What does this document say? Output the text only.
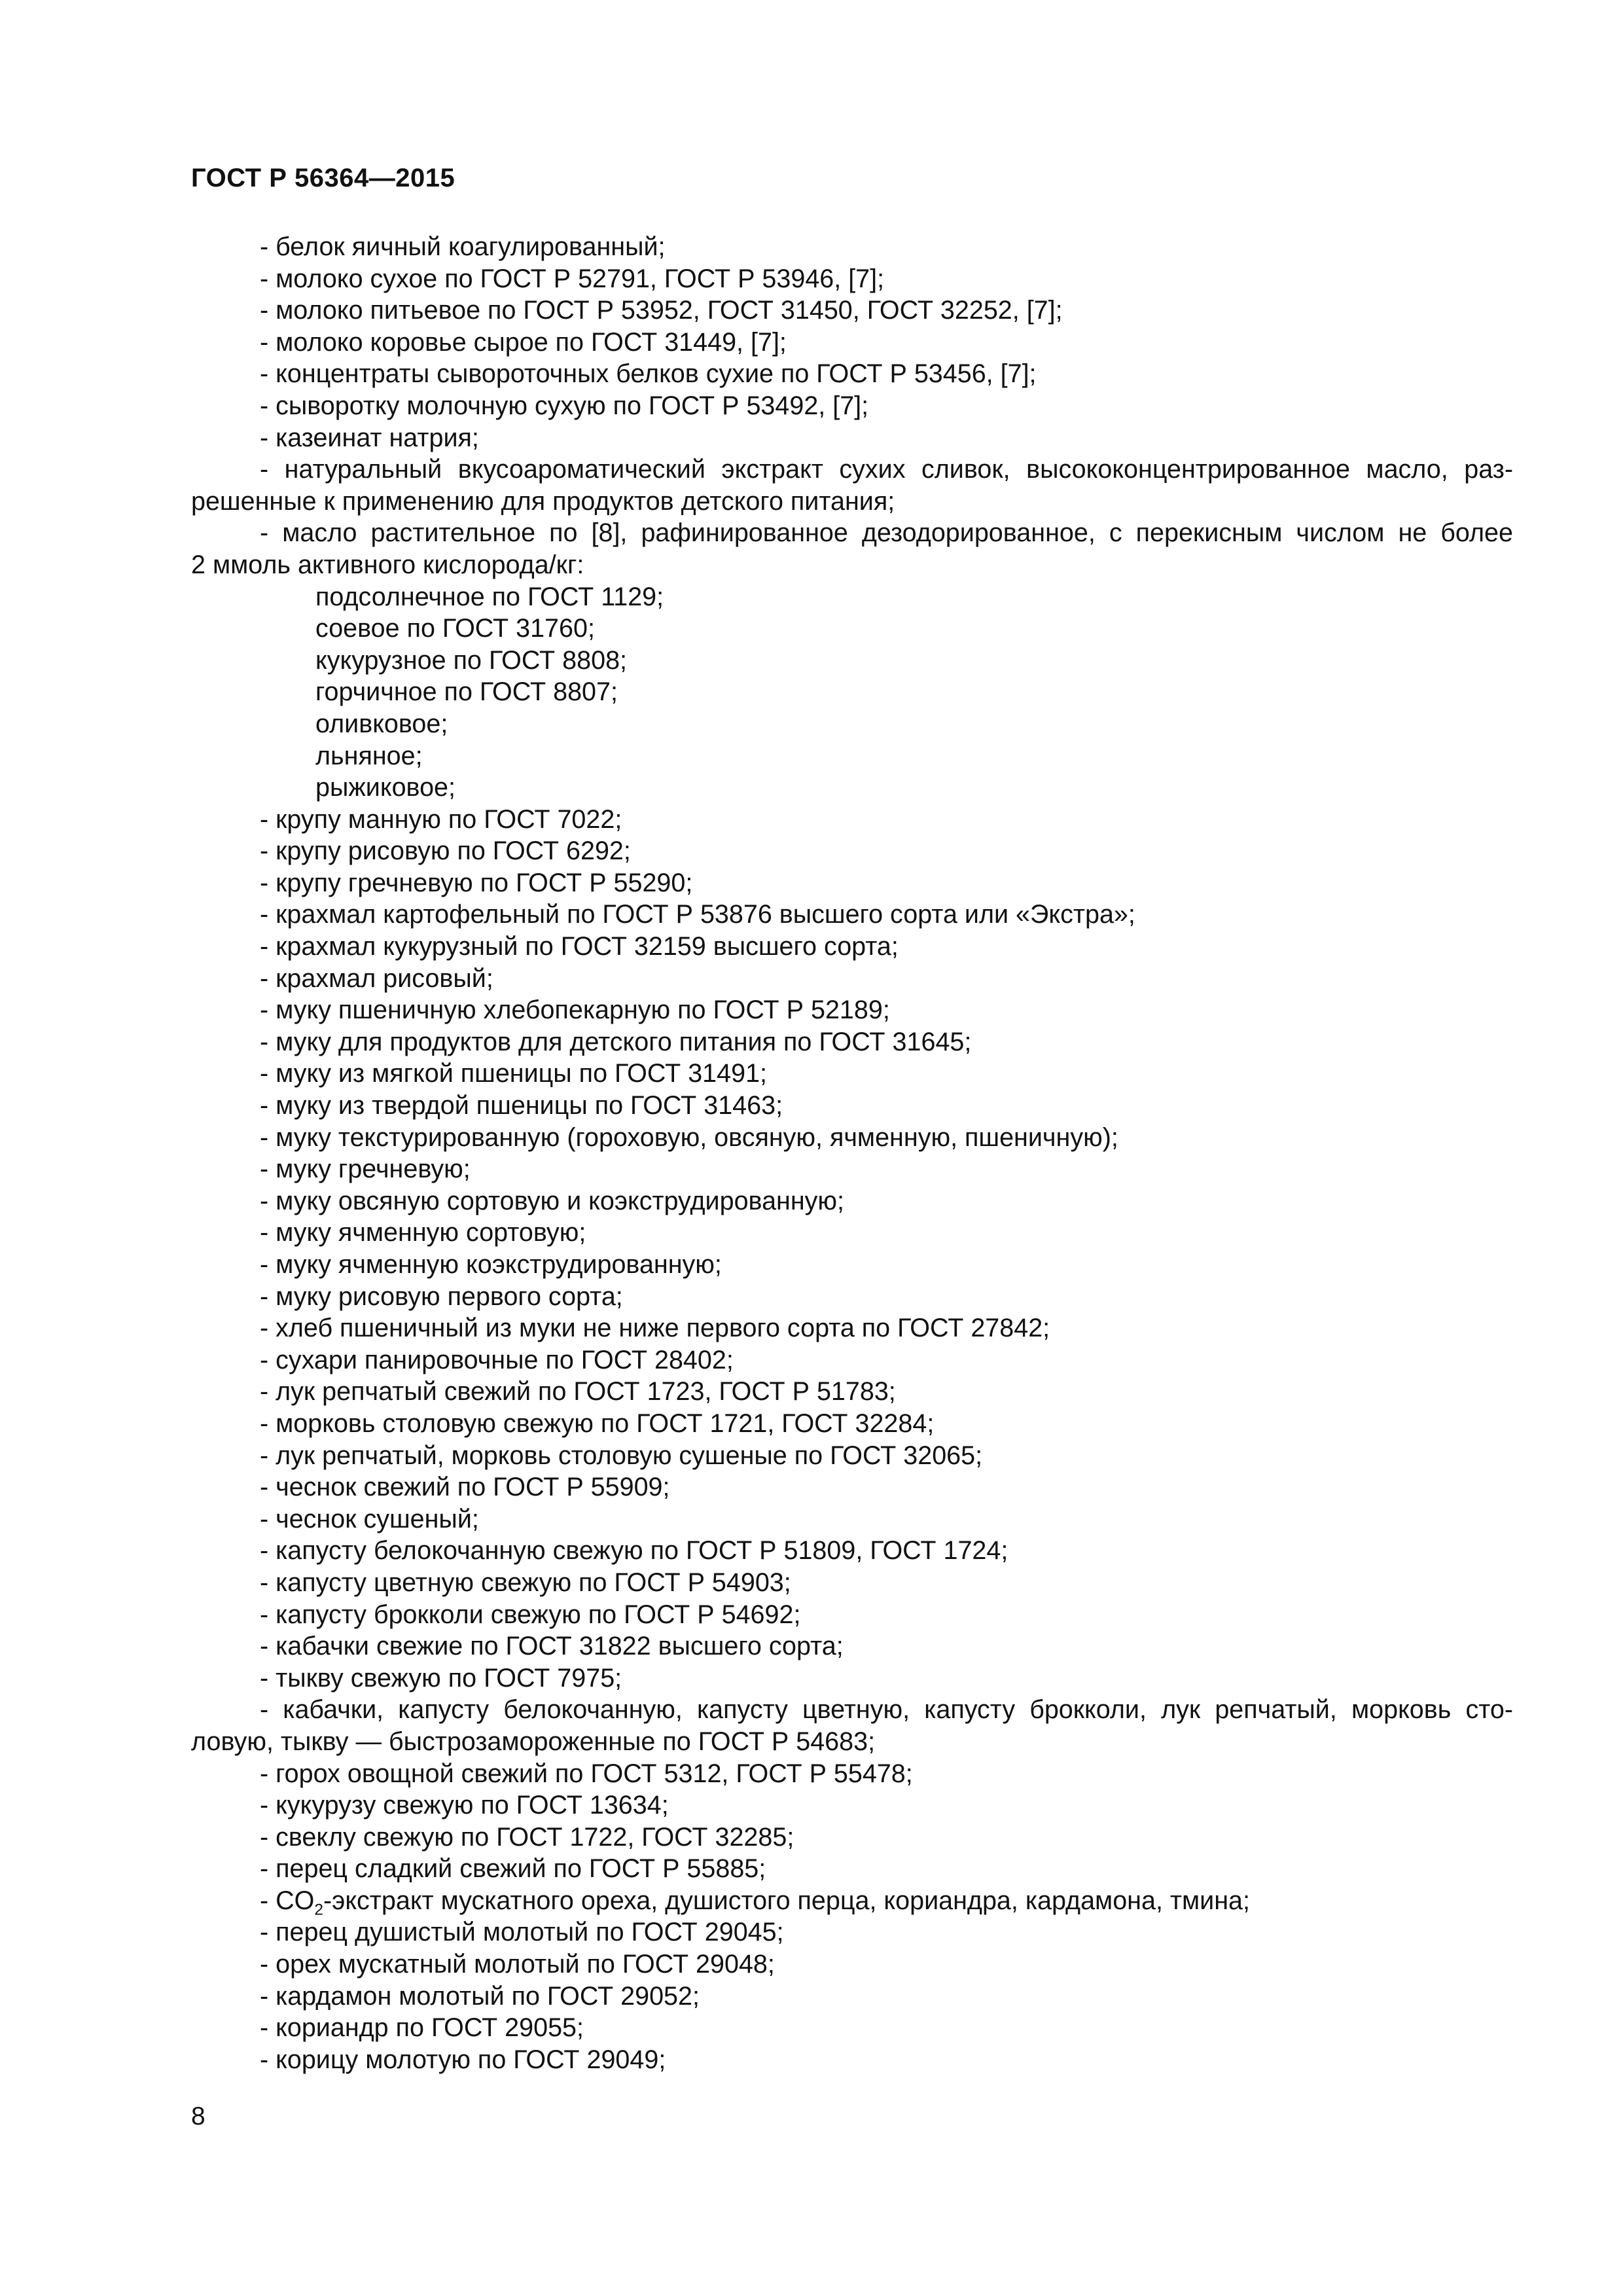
ГОСТ Р 56364—2015
- белок яичный коагулированный;
- молоко сухое по ГОСТ Р 52791, ГОСТ Р 53946, [7];
- молоко питьевое по ГОСТ Р 53952, ГОСТ 31450, ГОСТ 32252, [7];
- молоко коровье сырое по ГОСТ 31449, [7];
- концентраты сывороточных белков сухие по ГОСТ Р 53456, [7];
- сыворотку молочную сухую по ГОСТ Р 53492, [7];
- казеинат натрия;
- натуральный вкусоароматический экстракт сухих сливок, высококонцентрированное масло, раз-
решенные к применению для продуктов детского питания;
- масло растительное по [8], рафинированное дезодорированное, с перекисным числом не более
2 ммоль активного кислорода/кг:
подсолнечное по ГОСТ 1129;
соевое по ГОСТ 31760;
кукурузное по ГОСТ 8808;
горчичное по ГОСТ 8807;
оливковое;
льняное;
рыжиковое;
- крупу манную по ГОСТ 7022;
- крупу рисовую по ГОСТ 6292;
- крупу гречневую по ГОСТ Р 55290;
- крахмал картофельный по ГОСТ Р 53876 высшего сорта или «Экстра»;
- крахмал кукурузный по ГОСТ 32159 высшего сорта;
- крахмал рисовый;
- муку пшеничную хлебопекарную по ГОСТ Р 52189;
- муку для продуктов для детского питания по ГОСТ 31645;
- муку из мягкой пшеницы по ГОСТ 31491;
- муку из твердой пшеницы по ГОСТ 31463;
- муку текстурированную (гороховую, овсяную, ячменную, пшеничную);
- муку гречневую;
- муку овсяную сортовую и коэкструдированную;
- муку ячменную сортовую;
- муку ячменную коэкструдированную;
- муку рисовую первого сорта;
- хлеб пшеничный из муки не ниже первого сорта по ГОСТ 27842;
- сухари панировочные по ГОСТ 28402;
- лук репчатый свежий по ГОСТ 1723, ГОСТ Р 51783;
- морковь столовую свежую по ГОСТ 1721, ГОСТ 32284;
- лук репчатый, морковь столовую сушеные по ГОСТ 32065;
- чеснок свежий по ГОСТ Р 55909;
- чеснок сушеный;
- капусту белокочанную свежую по ГОСТ Р 51809, ГОСТ 1724;
- капусту цветную свежую по ГОСТ Р 54903;
- капусту брокколи свежую по ГОСТ Р 54692;
- кабачки свежие по ГОСТ 31822 высшего сорта;
- тыкву свежую по ГОСТ 7975;
- кабачки, капусту белокочанную, капусту цветную, капусту брокколи, лук репчатый, морковь сто-
ловую, тыкву — быстрозамороженные по ГОСТ Р 54683;
- горох овощной свежий по ГОСТ 5312, ГОСТ Р 55478;
- кукурузу свежую по ГОСТ 13634;
- свеклу свежую по ГОСТ 1722, ГОСТ 32285;
- перец сладкий свежий по ГОСТ Р 55885;
- $CO_2$-экстракт мускатного ореха, душистого перца, кориандра, кардамона, тмина;
- перец душистый молотый по ГОСТ 29045;
- орех мускатный молотый по ГОСТ 29048;
- кардамон молотый по ГОСТ 29052;
- кориандр по ГОСТ 29055;
- корицу молотую по ГОСТ 29049;
8
